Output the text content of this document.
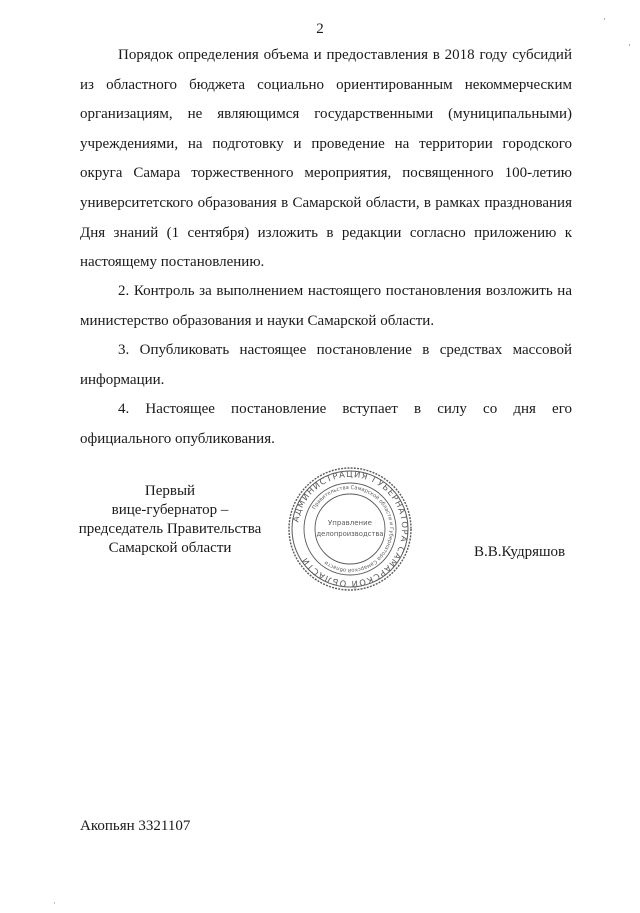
·
·
·
2

Порядок определения объема и предоставления в 2018 году субсидий из областного бюджета социально ориентированным некоммерческим организациям, не являющимся государственными (муниципальными) учреждениями, на подготовку и проведение на территории городского округа Самара торжественного мероприятия, посвященного 100-летию университетского образования в Самарской области, в рамках празднования Дня знаний (1 сентября) изложить в редакции согласно приложению к настоящему постановлению.

2. Контроль за выполнением настоящего постановления возложить на министерство образования и науки Самарской области.

3. Опубликовать настоящее постановление в средствах массовой информации.

4. Настоящее постановление вступает в силу со дня его
официального опубликования.
Первый
вице-губернатор –
председатель Правительства
Самарской области
АДМИНИСТРАЦИЯ ГУБЕРНАТОРА САМАРСКОЙ ОБЛАСТИ
Правительства Самарской области и Губернатора Самарской области
Управление
делопроизводства
В.В.Кудряшов
Акопьян 3321107
